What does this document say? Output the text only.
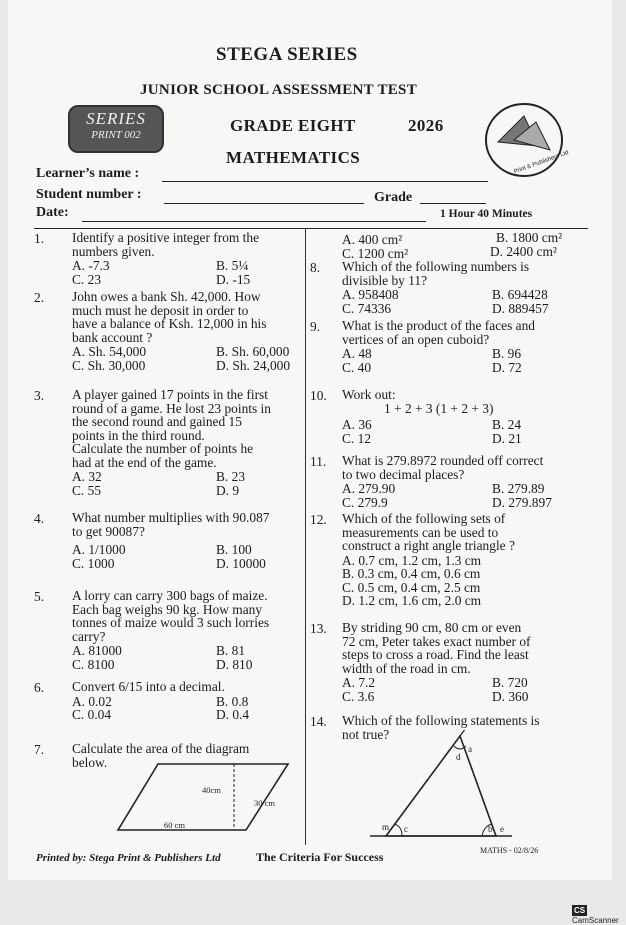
STEGA SERIES
JUNIOR SCHOOL ASSESSMENT TEST
GRADE EIGHT	2026
MATHEMATICS
SERIES
PRINT 002
Print & Publishers Ltd
Learner’s name :
Student number :	Grade
Date:	1 Hour 40 Minutes
1. Identify a positive integer from the
numbers given.
A. -7.3	B. 5¼
C. 23	D. -15
2. John owes a bank Sh. 42,000. How
much must he deposit in order to
have a balance of Ksh. 12,000 in his
bank account ?
A. Sh. 54,000	B. Sh. 60,000
C. Sh. 30,000	D. Sh. 24,000
3. A player gained 17 points in the first
round of a game. He lost 23 points in
the second round and gained 15
points in the third round.
Calculate the number of points he
had at the end of the game.
A. 32	B. 23
C. 55	D. 9
4. What number multiplies with 90.087
to get 90087?
A. 1/1000	B. 100
C. 1000	D. 10000
5. A lorry can carry 300 bags of maize.
Each bag weighs 90 kg. How many
tonnes of maize would 3 such lorries
carry?
A. 81000	B. 81
C. 8100	D. 810
6. Convert 6/15 into a decimal.
A. 0.02	B. 0.8
C. 0.04	D. 0.4
7. Calculate the area of the diagram
below.
40cm
30 cm
60 cm
A. 400 cm²	B. 1800 cm²
C. 1200 cm²	D. 2400 cm²
8. Which of the following numbers is
divisible by 11?
A. 958408	B. 694428
C. 74336	D. 889457
9. What is the product of the faces and
vertices of an open cuboid?
A. 48	B. 96
C. 40	D. 72
10. Work out:
1 + 2 + 3 (1 + 2 + 3)
A. 36	B. 24
C. 12	D. 21
11. What is 279.8972 rounded off correct
to two decimal places?
A. 279.90	B. 279.89
C. 279.9	D. 279.897
12. Which of the following sets of
measurements can be used to
construct a right angle triangle ?
A. 0.7 cm, 1.2 cm, 1.3 cm
B. 0.3 cm, 0.4 cm, 0.6 cm
C. 0.5 cm, 0.4 cm, 2.5 cm
D. 1.2 cm, 1.6 cm, 2.0 cm
13. By striding 90 cm, 80 cm or even
72 cm, Peter takes exact number of
steps to cross a road. Find the least
width of the road in cm.
A. 7.2	B. 720
C. 3.6	D. 360
14. Which of the following statements is
not true?
a
d
m c	b e
Printed by: Stega Print & Publishers Ltd	The Criteria For Success	MATHS - 02/8/26
CSCamScanner
